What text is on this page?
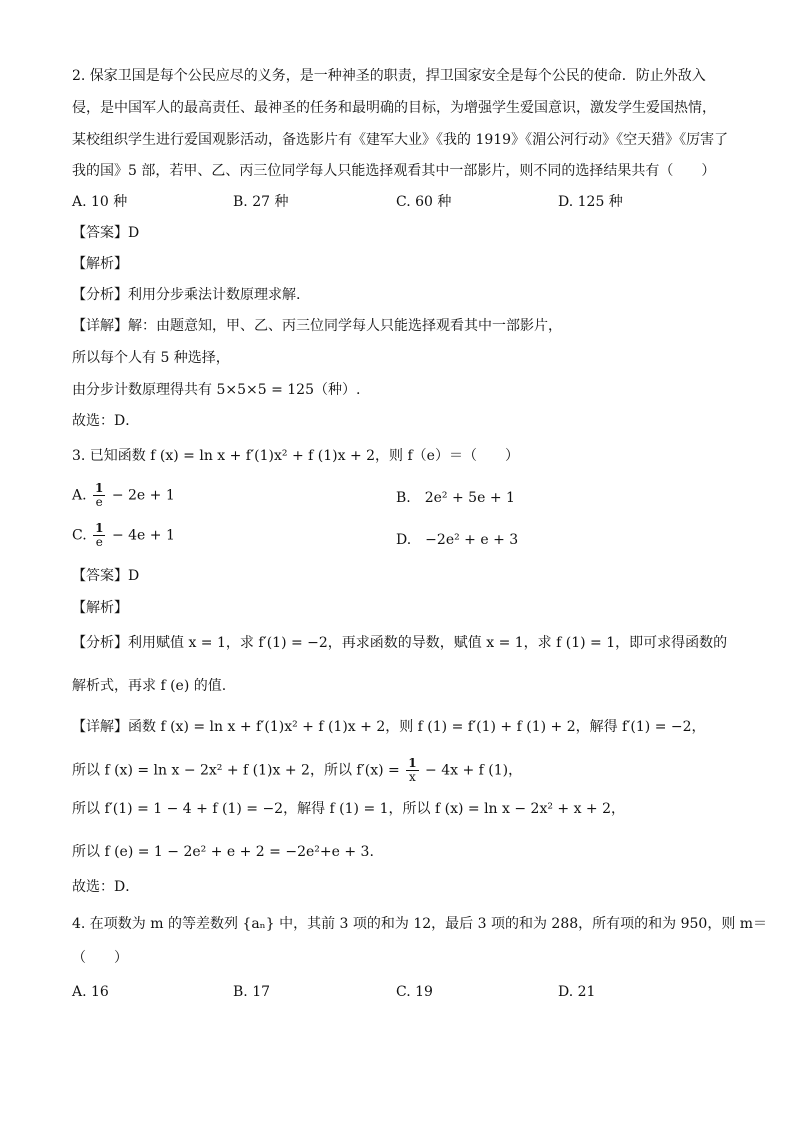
2. 保家卫国是每个公民应尽的义务，是一种神圣的职责，捍卫国家安全是每个公民的使命．防止外敌入
侵，是中国军人的最高责任、最神圣的任务和最明确的目标，为增强学生爱国意识，激发学生爱国热情，
某校组织学生进行爱国观影活动，备选影片有《建军大业》《我的 1919》《湄公河行动》《空天猎》《厉害了
我的国》5 部，若甲、乙、丙三位同学每人只能选择观看其中一部影片，则不同的选择结果共有（　　）
A. 10 种	B. 27 种	C. 60 种	D. 125 种
【答案】D
【解析】
【分析】利用分步乘法计数原理求解.
【详解】解：由题意知，甲、乙、丙三位同学每人只能选择观看其中一部影片，
所以每个人有 5 种选择，
由分步计数原理得共有 5×5×5 = 125（种）.
故选：D．
3. 已知函数 f (x) = ln x + f′(1)x² + f (1)x + 2，则 f（e）＝（　　）
A. $\frac{1}{e} - 2e + 1$	B.　2e² + 5e + 1
C. $\frac{1}{e} - 4e + 1$	D.　−2e² + e + 3
【答案】D
【解析】
【分析】利用赋值 x = 1，求 f′(1) = −2，再求函数的导数，赋值 x = 1，求 f (1) = 1，即可求得函数的
解析式，再求 f (e) 的值.
【详解】函数 f (x) = ln x + f′(1)x² + f (1)x + 2，则 f (1) = f′(1) + f (1) + 2，解得 f′(1) = −2，
所以 f (x) = ln x − 2x² + f (1)x + 2，所以 $f'(x) = \frac{1}{x} - 4x + f$ (1)，
所以 f′(1) = 1 − 4 + f (1) = −2，解得 f (1) = 1，所以 f (x) = ln x − 2x² + x + 2，
所以 f (e) = 1 − 2e² + e + 2 = −2e²+e + 3.
故选：D．
4. 在项数为 m 的等差数列 {aₙ} 中，其前 3 项的和为 12，最后 3 项的和为 288，所有项的和为 950，则 m＝
（　　）
A. 16	B. 17	C. 19	D. 21
